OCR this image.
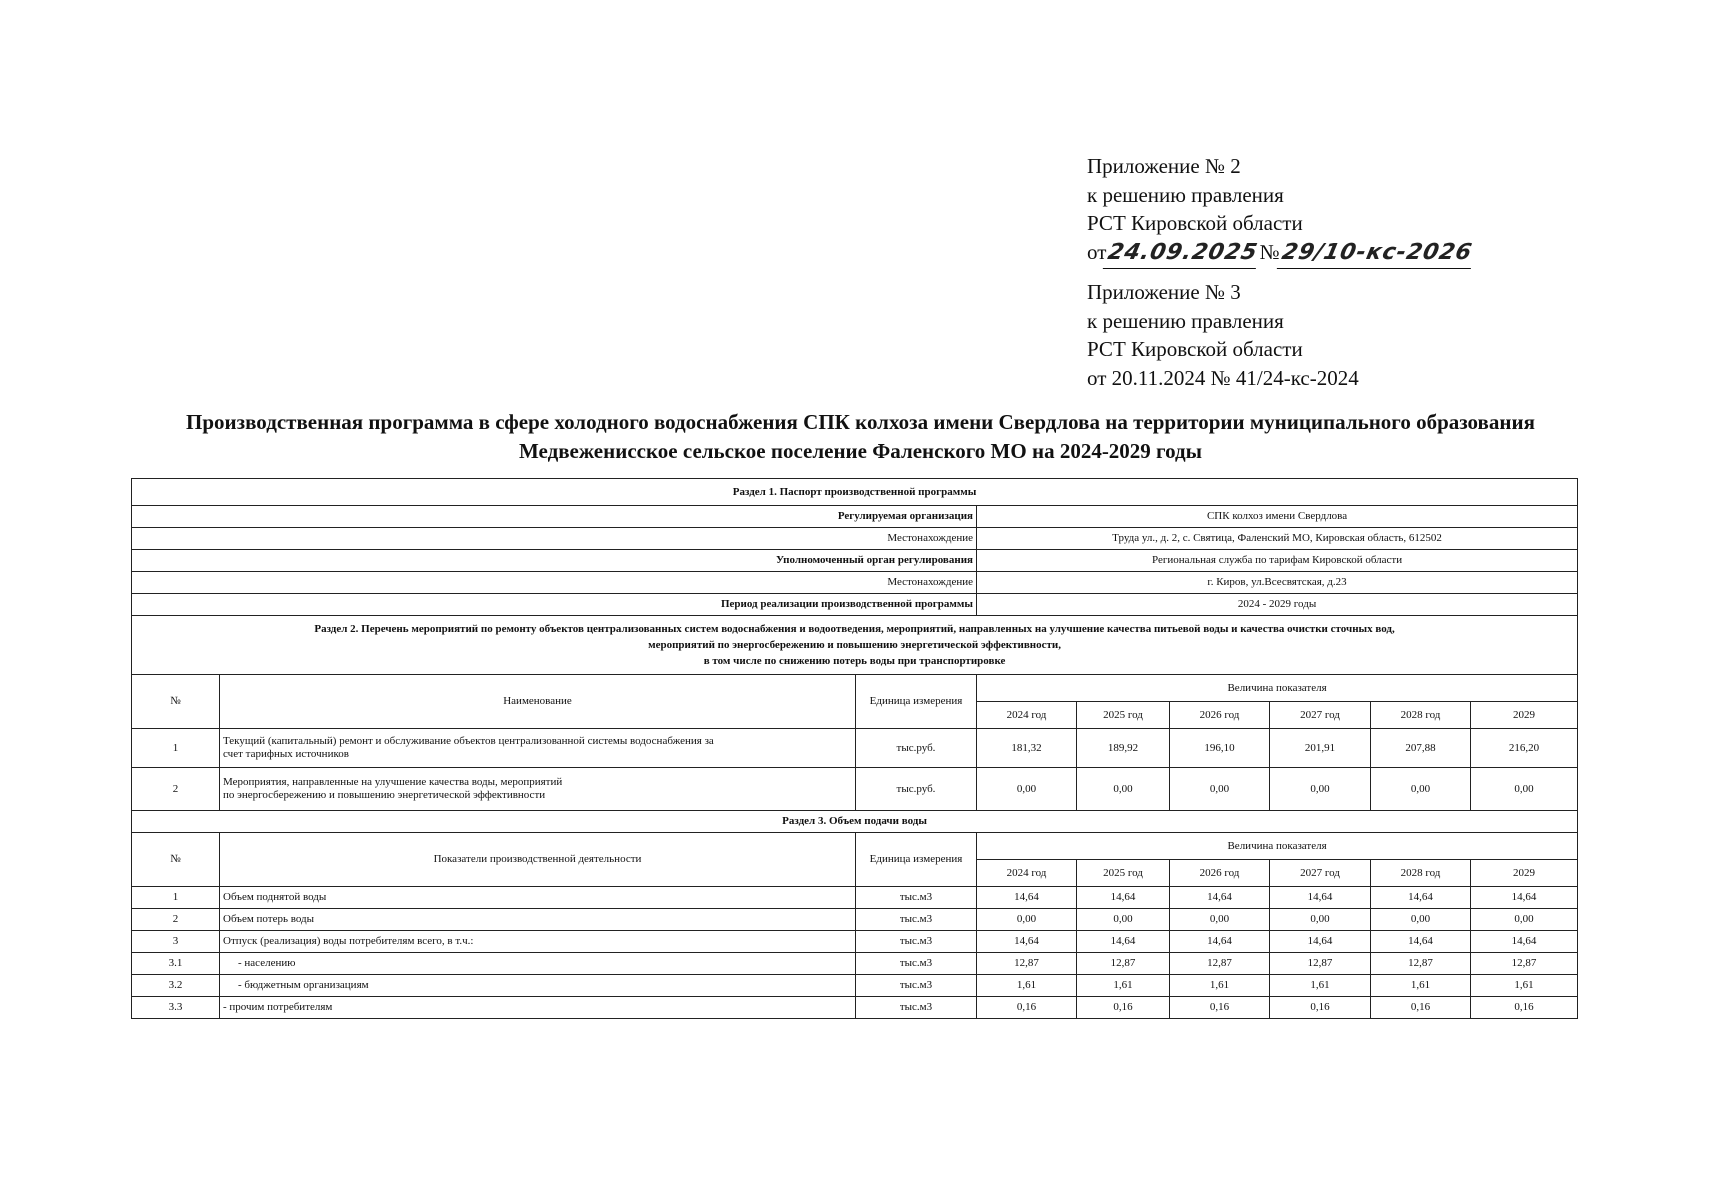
Приложение № 2
к решению правления
РСТ Кировской области
от24.09.2025№29/10-кс-2026
Приложение № 3
к решению правления
РСТ Кировской области
от 20.11.2024 № 41/24-кс-2024
Производственная программа в сфере холодного водоснабжения СПК колхоза имени Свердлова на территории муниципального образования
Медвеженисское сельское поселение Фаленского МО на 2024-2029 годы
Раздел 1. Паспорт производственной программы								
Регулируемая организация			СПК колхоз имени Свердлова					
Местонахождение			Труда ул., д. 2, с. Святица, Фаленский МО, Кировская область, 612502					
Уполномоченный орган регулирования			Региональная служба по тарифам Кировской области					
Местонахождение			г. Киров, ул.Всесвятская, д.23					
Период реализации производственной программы			2024 - 2029 годы					

Раздел 2. Перечень мероприятий по ремонту объектов централизованных систем водоснабжения и водоотведения, мероприятий, направленных на улучшение качества питьевой воды и качества очистки сточных вод,
мероприятий по энергосбережению и повышению энергетической эффективности,
в том числе по снижению потерь воды при транспортировке								

№	Наименование	Единица измерения	Величина показателя					
			2024 год	2025 год	2026 год	2027 год	2028 год	2029
1	Текущий (капитальный) ремонт и обслуживание объектов централизованной системы водоснабжения за
счет тарифных источников	тыс.руб.	181,32	189,92	196,10	201,91	207,88	216,20
2	Мероприятия, направленные на улучшение качества воды, мероприятий
по энергосбережению и повышению энергетической эффективности	тыс.руб.	0,00	0,00	0,00	0,00	0,00	0,00
Раздел 3. Объем подачи воды								
№	Показатели производственной деятельности	Единица измерения	Величина показателя					
			2024 год	2025 год	2026 год	2027 год	2028 год	2029
1	Объем поднятой воды	тыс.м3	14,64	14,64	14,64	14,64	14,64	14,64
2	Объем потерь воды	тыс.м3	0,00	0,00	0,00	0,00	0,00	0,00
3	Отпуск (реализация) воды потребителям всего, в т.ч.:	тыс.м3	14,64	14,64	14,64	14,64	14,64	14,64
3.1	- населению	тыс.м3	12,87	12,87	12,87	12,87	12,87	12,87
3.2	- бюджетным организациям	тыс.м3	1,61	1,61	1,61	1,61	1,61	1,61
3.3	- прочим потребителям	тыс.м3	0,16	0,16	0,16	0,16	0,16	0,16
